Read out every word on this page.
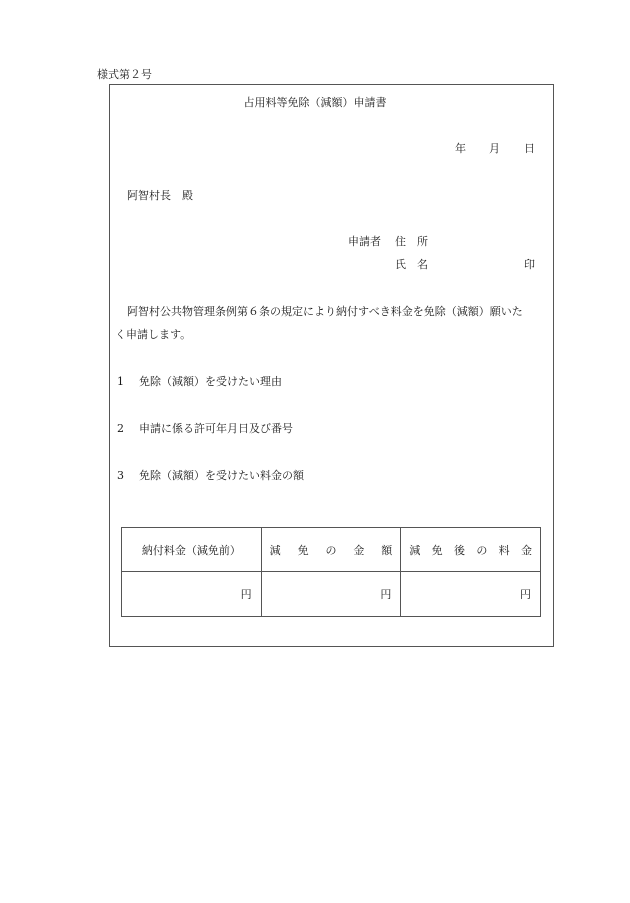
様式第２号
占用料等免除（減額）申請書
年 月 日
阿智村長　殿
申請者 住　所
氏　名	印
阿智村公共物管理条例第６条の規定により納付すべき料金を免除（減額）願いた
く申請します。
1 免除（減額）を受けたい理由
2 申請に係る許可年月日及び番号
3 免除（減額）を受けたい料金の額
納付料金（減免前）	減免の金額	減免後の料金
円	円	円
